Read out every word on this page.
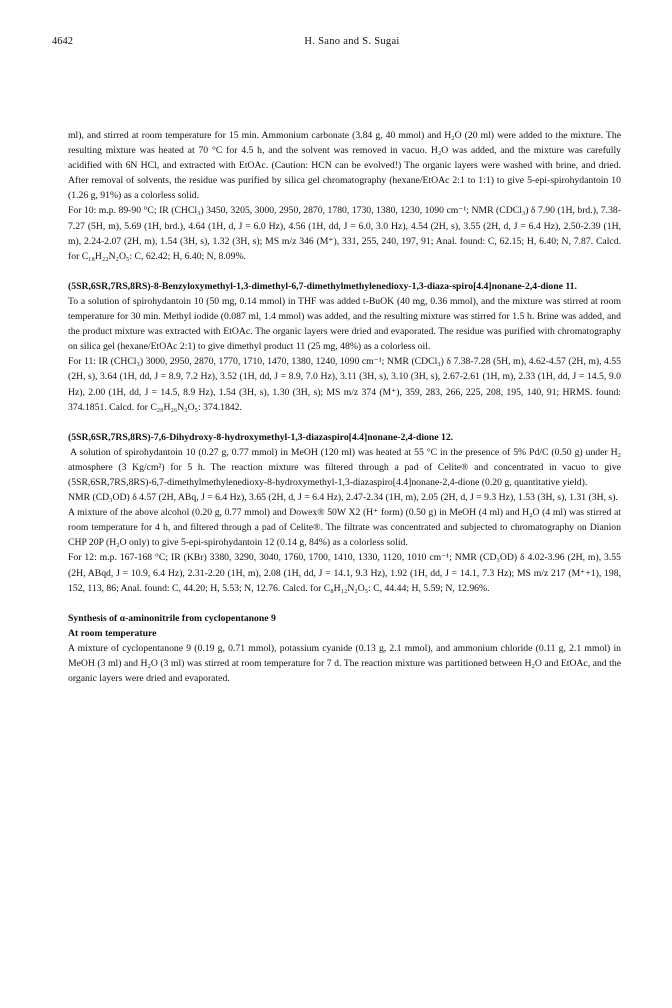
4642	H. Sano and S. Sugai

ml), and stirred at room temperature for 15 min. Ammonium carbonate (3.84 g, 40 mmol) and H₂O (20 ml) were added to the mixture. The resulting mixture was heated at 70 °C for 4.5 h, and the solvent was removed in vacuo. H₂O was added, and the mixture was carefully acidified with 6N HCl, and extracted with EtOAc. (Caution: HCN can be evolved!) The organic layers were washed with brine, and dried. After removal of solvents, the residue was purified by silica gel chromatography (hexane/EtOAc 2:1 to 1:1) to give 5-epi-spirohydantoin 10 (1.26 g, 91%) as a colorless solid.

For 10: m.p. 89-90 °C; IR (CHCl₃) 3450, 3205, 3000, 2950, 2870, 1780, 1730, 1380, 1230, 1090 cm⁻¹; NMR (CDCl₃) δ 7.90 (1H, brd.), 7.38-7.27 (5H, m), 5.69 (1H, brd.), 4.64 (1H, d, J = 6.0 Hz), 4.56 (1H, dd, J = 6.0, 3.0 Hz), 4.54 (2H, s), 3.55 (2H, d, J = 6.4 Hz), 2.50-2.39 (1H, m), 2.24-2.07 (2H, m), 1.54 (3H, s), 1.32 (3H, s); MS m/z 346 (M⁺), 331, 255, 240, 197, 91; Anal. found: C, 62.15; H, 6.40; N, 7.87. Calcd. for C₁₈H₂₂N₂O₅: C, 62.42; H, 6.40; N, 8.09%.

(5SR,6SR,7RS,8RS)-8-Benzyloxymethyl-1,3-dimethyl-6,7-dimethylmethylenedioxy-1,3-diaza-spiro[4.4]nonane-2,4-dione 11.

To a solution of spirohydantoin 10 (50 mg, 0.14 mmol) in THF was added t-BuOK (40 mg, 0.36 mmol), and the mixture was stirred at room temperature for 30 min. Methyl iodide (0.087 ml, 1.4 mmol) was added, and the resulting mixture was stirred for 1.5 h. Brine was added, and the product mixture was extracted with EtOAc. The organic layers were dried and evaporated. The residue was purified with chromatography on silica gel (hexane/EtOAc 2:1) to give dimethyl product 11 (25 mg, 48%) as a colorless oil.

For 11: IR (CHCl₃) 3000, 2950, 2870, 1770, 1710, 1470, 1380, 1240, 1090 cm⁻¹; NMR (CDCl₃) δ 7.38-7.28 (5H, m), 4.62-4.57 (2H, m), 4.55 (2H, s), 3.64 (1H, dd, J = 8.9, 7.2 Hz), 3.52 (1H, dd, J = 8.9, 7.0 Hz), 3.11 (3H, s), 3.10 (3H, s), 2.67-2.61 (1H, m), 2.33 (1H, dd, J = 14.5, 9.0 Hz), 2.00 (1H, dd, J = 14.5, 8.9 Hz), 1.54 (3H, s), 1.30 (3H, s); MS m/z 374 (M⁺), 359, 283, 266, 225, 208, 195, 140, 91; HRMS. found: 374.1851. Calcd. for C₂₀H₂₆N₂O₅: 374.1842.

(5SR,6SR,7RS,8RS)-7,6-Dihydroxy-8-hydroxymethyl-1,3-diazaspiro[4.4]nonane-2,4-dione 12.

A solution of spirohydantoin 10 (0.27 g, 0.77 mmol) in MeOH (120 ml) was heated at 55 °C in the presence of 5% Pd/C (0.50 g) under H₂ atmosphere (3 Kg/cm²) for 5 h. The reaction mixture was filtered through a pad of Celite® and concentrated in vacuo to give (5SR,6SR,7RS,8RS)-6,7-dimethylmethylenedioxy-8-hydroxymethyl-1,3-diazaspiro[4.4]nonane-2,4-dione (0.20 g, quantitative yield).

NMR (CD₃OD) δ 4.57 (2H, ABq, J = 6.4 Hz), 3.65 (2H, d, J = 6.4 Hz), 2.47-2.34 (1H, m), 2.05 (2H, d, J = 9.3 Hz), 1.53 (3H, s), 1.31 (3H, s).

A mixture of the above alcohol (0.20 g, 0.77 mmol) and Dowex® 50W X2 (H⁺ form) (0.50 g) in MeOH (4 ml) and H₂O (4 ml) was stirred at room temperature for 4 h, and filtered through a pad of Celite®. The filtrate was concentrated and subjected to chromatography on Dianion CHP 20P (H₂O only) to give 5-epi-spirohydantoin 12 (0.14 g, 84%) as a colorless solid.

For 12: m.p. 167-168 °C; IR (KBr) 3380, 3290, 3040, 1760, 1700, 1410, 1330, 1120, 1010 cm⁻¹; NMR (CD₃OD) δ 4.02-3.96 (2H, m), 3.55 (2H, ABqd, J = 10.9, 6.4 Hz), 2.31-2.20 (1H, m), 2.08 (1H, dd, J = 14.1, 9.3 Hz), 1.92 (1H, dd, J = 14.1, 7.3 Hz); MS m/z 217 (M⁺+1), 198, 152, 113, 86; Anal. found: C, 44.20; H, 5.53; N, 12.76. Calcd. for C₈H₁₂N₂O₅: C, 44.44; H, 5.59; N, 12.96%.

Synthesis of α-aminonitrile from cyclopentanone 9

At room temperature

A mixture of cyclopentanone 9 (0.19 g, 0.71 mmol), potassium cyanide (0.13 g, 2.1 mmol), and ammonium chloride (0.11 g, 2.1 mmol) in MeOH (3 ml) and H₂O (3 ml) was stirred at room temperature for 7 d. The reaction mixture was partitioned between H₂O and EtOAc, and the organic layers were dried and evaporated.
